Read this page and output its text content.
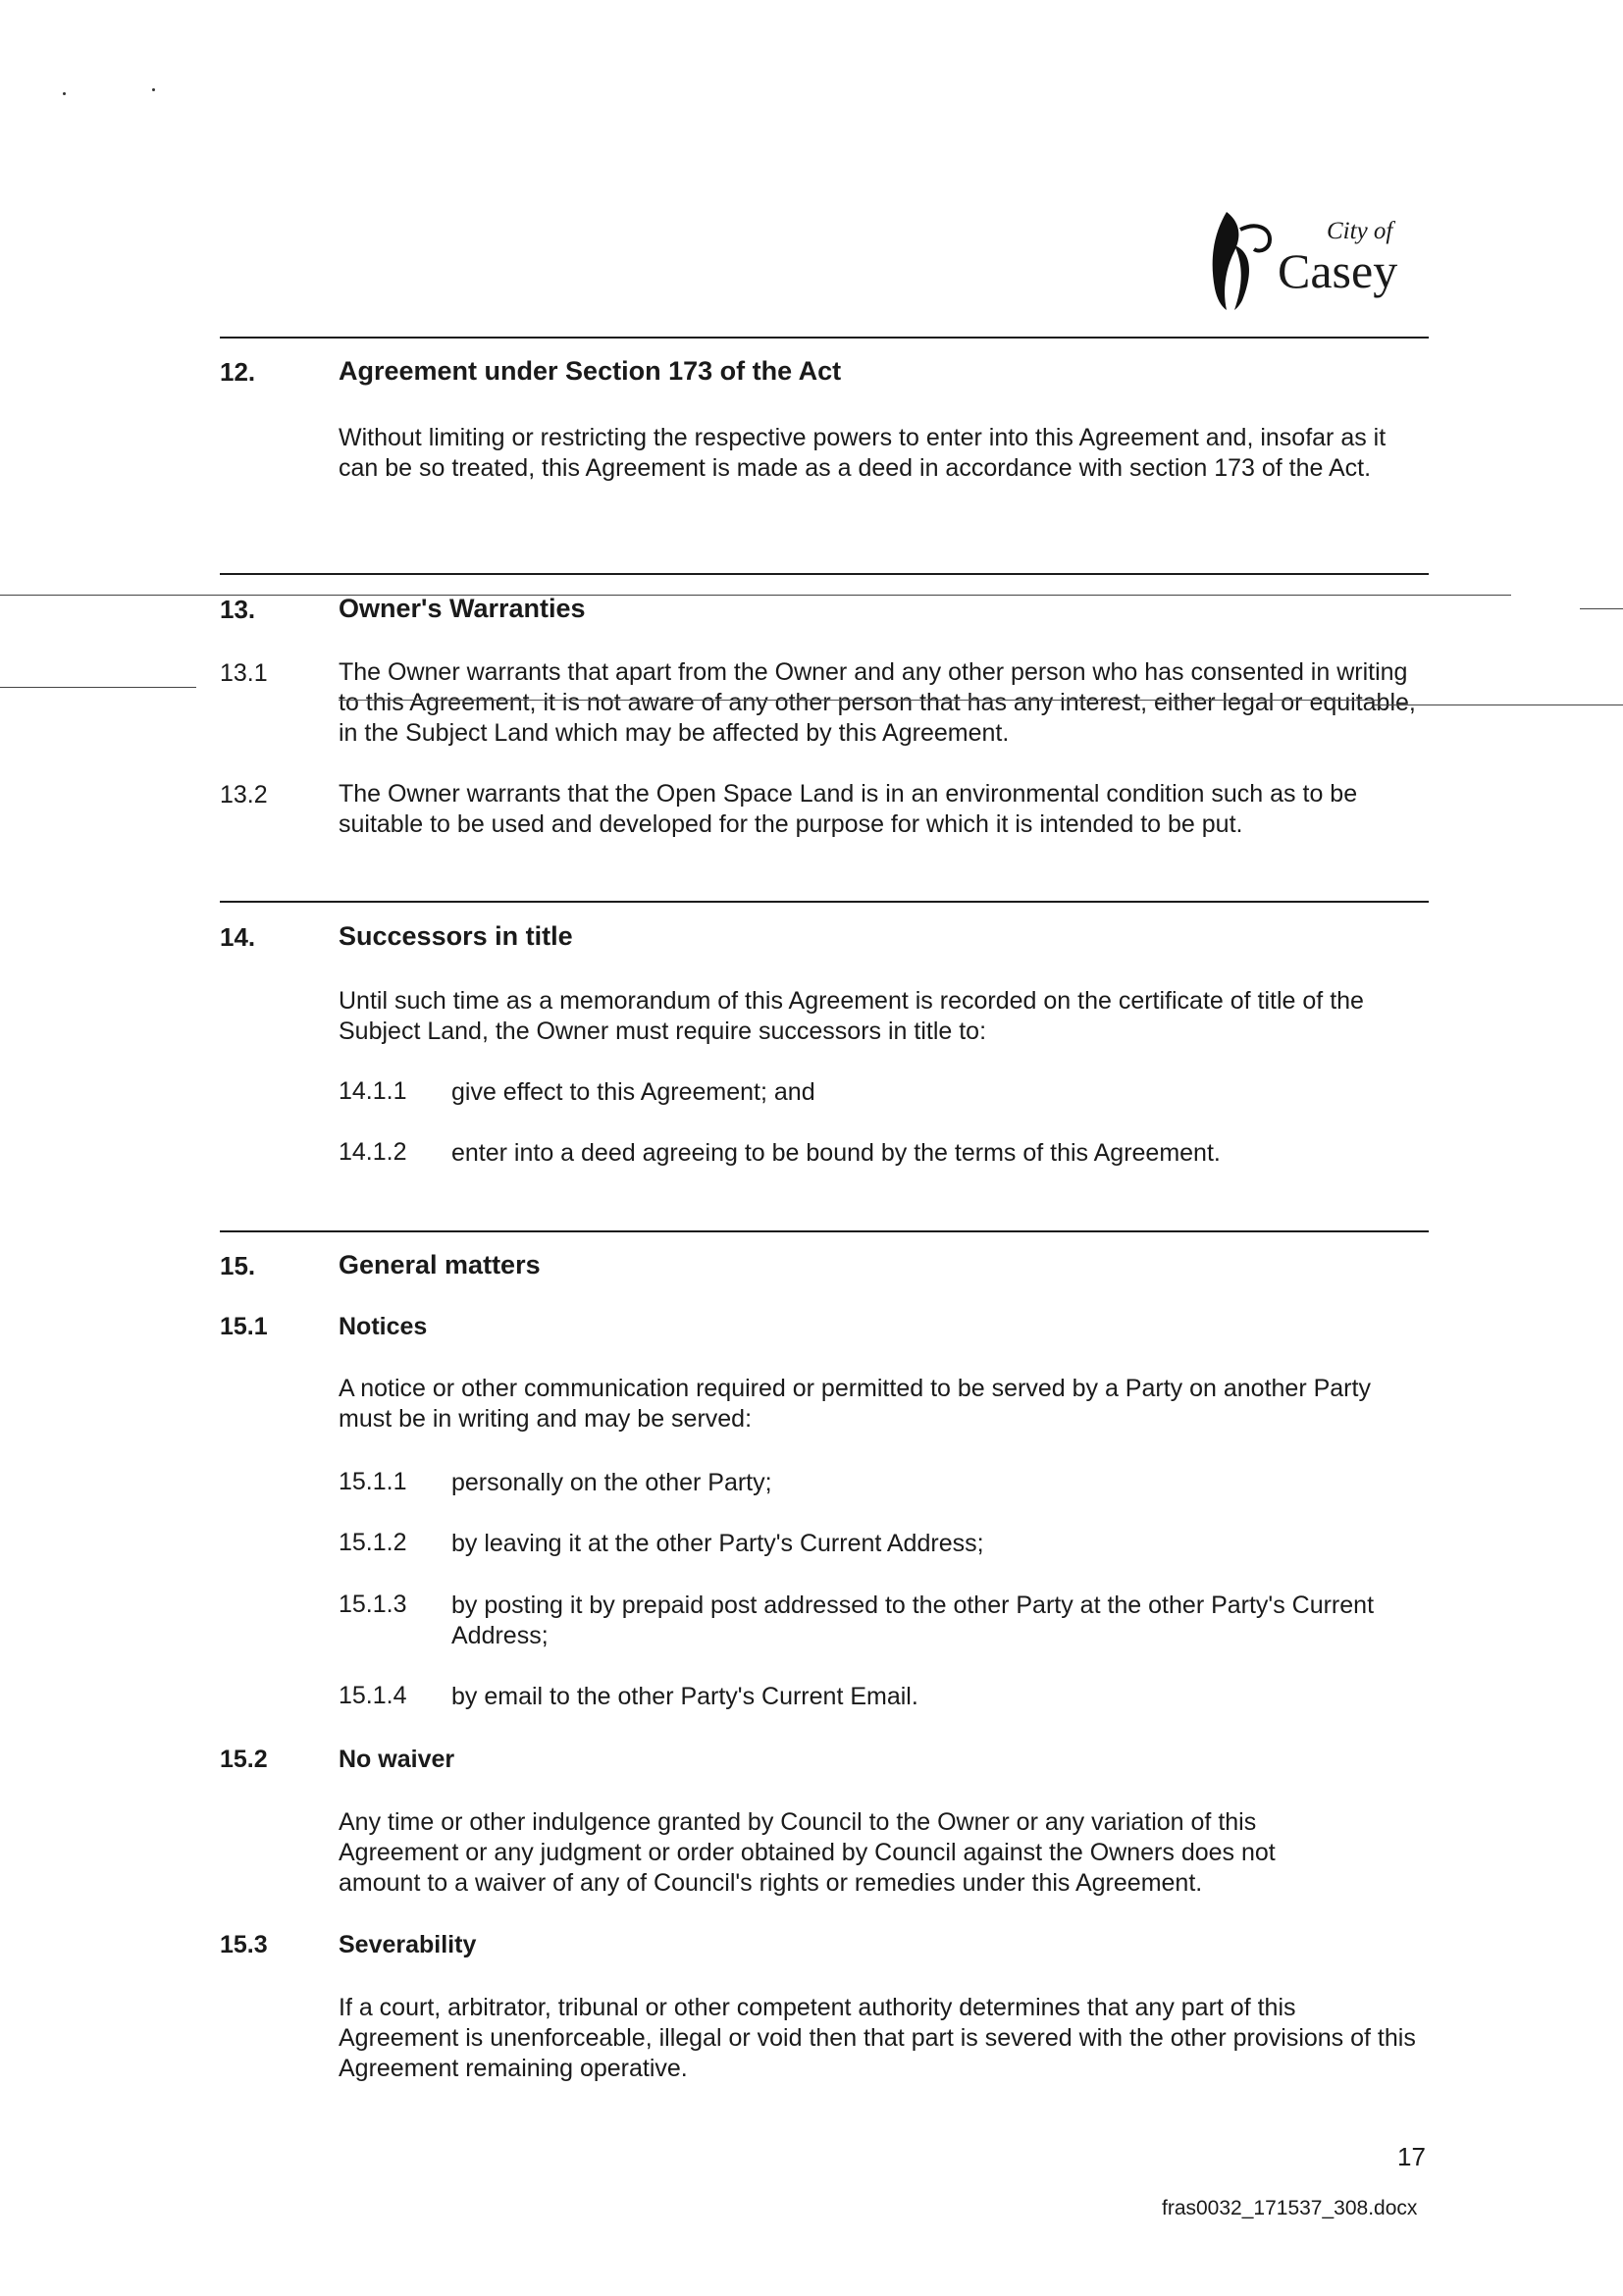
City of
Casey
12.	Agreement under Section 173 of the Act
Without limiting or restricting the respective powers to enter into this Agreement and, insofar as it can be so treated, this Agreement is made as a deed in accordance with section 173 of the Act.
13.	Owner's Warranties
13.1	The Owner warrants that apart from the Owner and any other person who has consented in writing to this Agreement, it is not aware of any other person that has any interest, either legal or equitable, in the Subject Land which may be affected by this Agreement.
13.2	The Owner warrants that the Open Space Land is in an environmental condition such as to be suitable to be used and developed for the purpose for which it is intended to be put.
14.	Successors in title
Until such time as a memorandum of this Agreement is recorded on the certificate of title of the Subject Land, the Owner must require successors in title to:
14.1.1 give effect to this Agreement; and
14.1.2 enter into a deed agreeing to be bound by the terms of this Agreement.
15.	General matters
15.1	Notices
A notice or other communication required or permitted to be served by a Party on another Party must be in writing and may be served:
15.1.1 personally on the other Party;
15.1.2 by leaving it at the other Party's Current Address;
15.1.3 by posting it by prepaid post addressed to the other Party at the other Party's Current Address;
15.1.4 by email to the other Party's Current Email.
15.2	No waiver
Any time or other indulgence granted by Council to the Owner or any variation of this Agreement or any judgment or order obtained by Council against the Owners does not amount to a waiver of any of Council's rights or remedies under this Agreement.
15.3	Severability
If a court, arbitrator, tribunal or other competent authority determines that any part of this Agreement is unenforceable, illegal or void then that part is severed with the other provisions of this Agreement remaining operative.
17
fras0032_171537_308.docx
